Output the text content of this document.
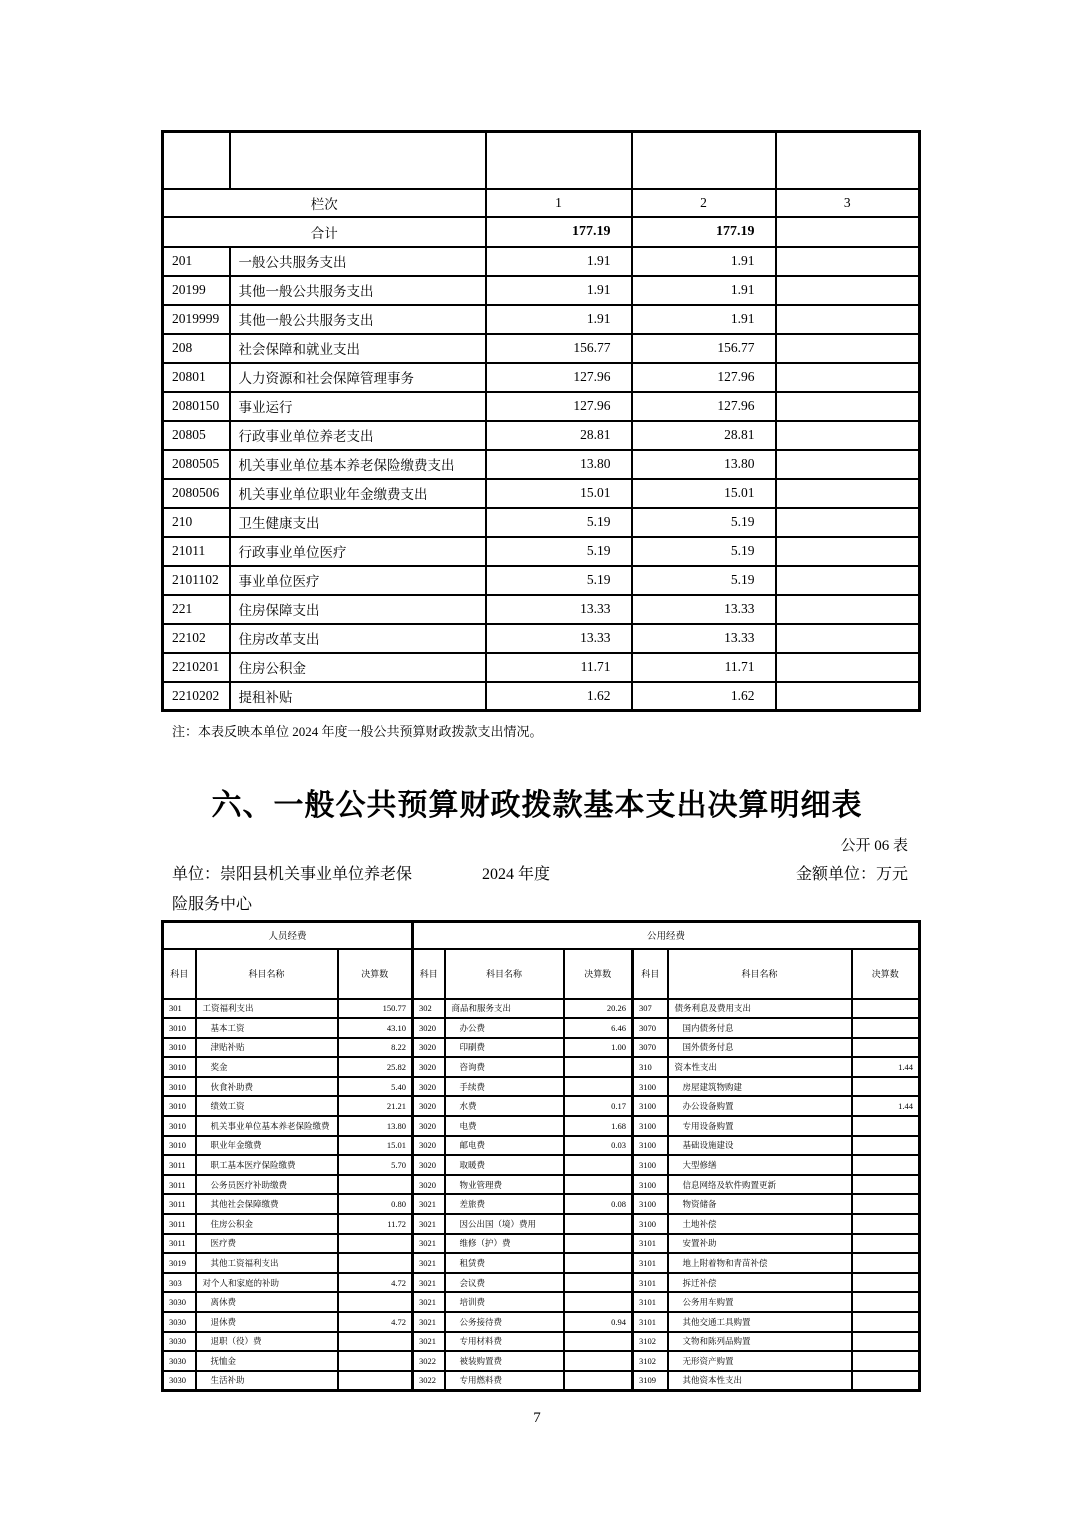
栏次		1	2	3
合计		177.19	177.19	
201	一般公共服务支出	1.91	1.91	
20199	其他一般公共服务支出	1.91	1.91	
2019999	其他一般公共服务支出	1.91	1.91	
208	社会保障和就业支出	156.77	156.77	
20801	人力资源和社会保障管理事务	127.96	127.96	
2080150	事业运行	127.96	127.96	
20805	行政事业单位养老支出	28.81	28.81	
2080505	机关事业单位基本养老保险缴费支出	13.80	13.80	
2080506	机关事业单位职业年金缴费支出	15.01	15.01	
210	卫生健康支出	5.19	5.19	
21011	行政事业单位医疗	5.19	5.19	
2101102	事业单位医疗	5.19	5.19	
221	住房保障支出	13.33	13.33	
22102	住房改革支出	13.33	13.33	
2210201	住房公积金	11.71	11.71	
2210202	提租补贴	1.62	1.62	
注：本表反映本单位 2024 年度一般公共预算财政拨款支出情况。
六、一般公共预算财政拨款基本支出决算明细表
公开 06 表
单位：崇阳县机关事业单位养老保
险服务中心
2024 年度	金额单位：万元
人员经费			公用经费					
科目	科目名称	决算数	科目	科目名称	决算数	科目	科目名称	决算数
301	工资福利支出	150.77	302	商品和服务支出	20.26	307	债务利息及费用支出	
3010	基本工资	43.10	3020	办公费	6.46	3070	国内债务付息	
3010	津贴补贴	8.22	3020	印刷费	1.00	3070	国外债务付息	
3010	奖金	25.82	3020	咨询费		310	资本性支出	1.44
3010	伙食补助费	5.40	3020	手续费		3100	房屋建筑物购建	
3010	绩效工资	21.21	3020	水费	0.17	3100	办公设备购置	1.44
3010	机关事业单位基本养老保险缴费	13.80	3020	电费	1.68	3100	专用设备购置	
3010	职业年金缴费	15.01	3020	邮电费	0.03	3100	基础设施建设	
3011	职工基本医疗保险缴费	5.70	3020	取暖费		3100	大型修缮	
3011	公务员医疗补助缴费		3020	物业管理费		3100	信息网络及软件购置更新	
3011	其他社会保障缴费	0.80	3021	差旅费	0.08	3100	物资储备	
3011	住房公积金	11.72	3021	因公出国（境）费用		3100	土地补偿	
3011	医疗费		3021	维修（护）费		3101	安置补助	
3019	其他工资福利支出		3021	租赁费		3101	地上附着物和青苗补偿	
303	对个人和家庭的补助	4.72	3021	会议费		3101	拆迁补偿	
3030	离休费		3021	培训费		3101	公务用车购置	
3030	退休费	4.72	3021	公务接待费	0.94	3101	其他交通工具购置	
3030	退职（役）费		3021	专用材料费		3102	文物和陈列品购置	
3030	抚恤金		3022	被装购置费		3102	无形资产购置	
3030	生活补助		3022	专用燃料费		3109	其他资本性支出	
7
